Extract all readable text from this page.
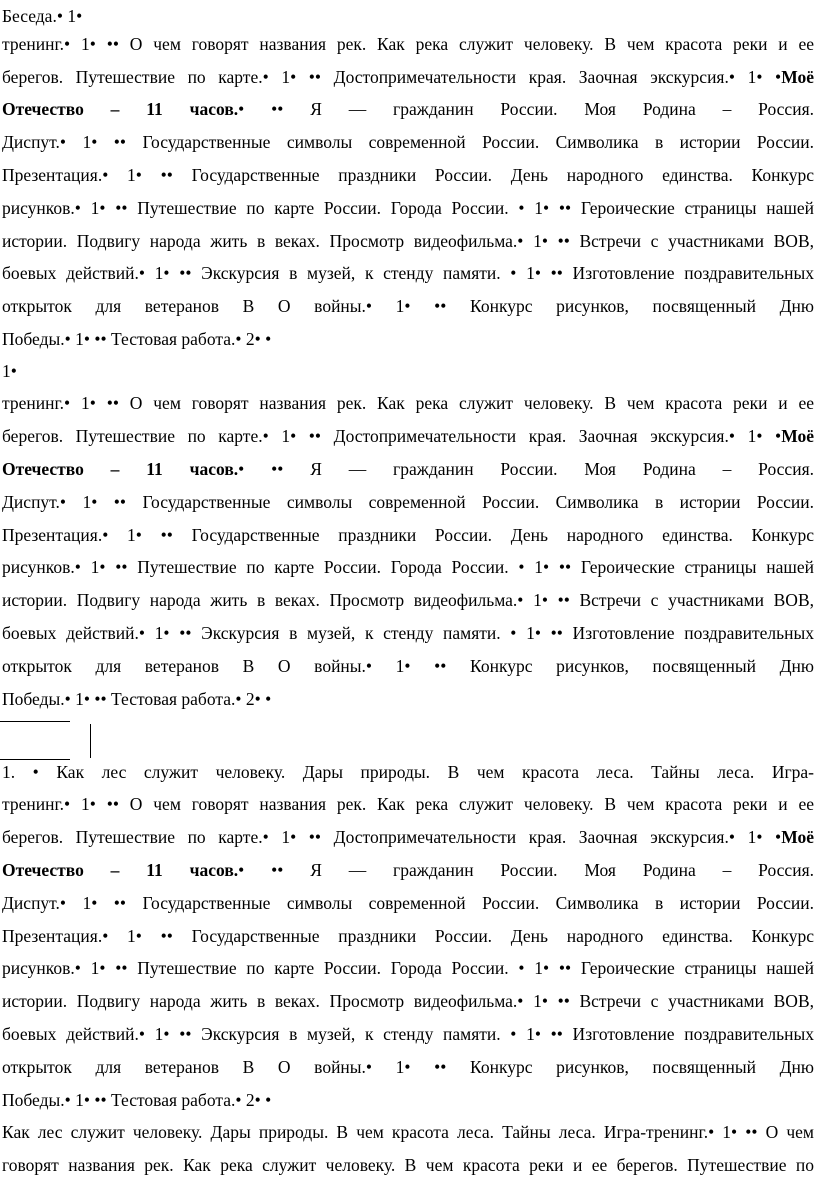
Беседа.• 1•
тренинг.• 1• •• О чем говорят названия рек. Как река служит человеку. В чем красота реки и ее
берегов. Путешествие по карте.• 1• •• Достопримечательности края. Заочная экскурсия.• 1• •Моё
Отечество – 11 часов.• •• Я — гражданин России. Моя Родина – Россия.
Диспут.• 1• •• Государственные символы современной России. Символика в истории России.
Презентация.• 1• •• Государственные праздники России. День народного единства. Конкурс
рисунков.• 1• •• Путешествие по карте России. Города России. • 1• •• Героические страницы нашей
истории. Подвигу народа жить в веках. Просмотр видеофильма.• 1• •• Встречи с участниками ВОВ,
боевых действий.• 1• •• Экскурсия в музей, к стенду памяти. • 1• •• Изготовление поздравительных
открыток для ветеранов В О войны.• 1• •• Конкурс рисунков, посвященный Дню
Победы.• 1• •• Тестовая работа.• 2• •
1•
тренинг.• 1• •• О чем говорят названия рек. Как река служит человеку. В чем красота реки и ее
берегов. Путешествие по карте.• 1• •• Достопримечательности края. Заочная экскурсия.• 1• •Моё
Отечество – 11 часов.• •• Я — гражданин России. Моя Родина – Россия.
Диспут.• 1• •• Государственные символы современной России. Символика в истории России.
Презентация.• 1• •• Государственные праздники России. День народного единства. Конкурс
рисунков.• 1• •• Путешествие по карте России. Города России. • 1• •• Героические страницы нашей
истории. Подвигу народа жить в веках. Просмотр видеофильма.• 1• •• Встречи с участниками ВОВ,
боевых действий.• 1• •• Экскурсия в музей, к стенду памяти. • 1• •• Изготовление поздравительных
открыток для ветеранов В О войны.• 1• •• Конкурс рисунков, посвященный Дню
Победы.• 1• •• Тестовая работа.• 2• •
1. • Как лес служит человеку. Дары природы. В чем красота леса. Тайны леса. Игра-
тренинг.• 1• •• О чем говорят названия рек. Как река служит человеку. В чем красота реки и ее
берегов. Путешествие по карте.• 1• •• Достопримечательности края. Заочная экскурсия.• 1• •Моё
Отечество – 11 часов.• •• Я — гражданин России. Моя Родина – Россия.
Диспут.• 1• •• Государственные символы современной России. Символика в истории России.
Презентация.• 1• •• Государственные праздники России. День народного единства. Конкурс
рисунков.• 1• •• Путешествие по карте России. Города России. • 1• •• Героические страницы нашей
истории. Подвигу народа жить в веках. Просмотр видеофильма.• 1• •• Встречи с участниками ВОВ,
боевых действий.• 1• •• Экскурсия в музей, к стенду памяти. • 1• •• Изготовление поздравительных
открыток для ветеранов В О войны.• 1• •• Конкурс рисунков, посвященный Дню
Победы.• 1• •• Тестовая работа.• 2• •
Как лес служит человеку. Дары природы. В чем красота леса. Тайны леса. Игра-тренинг.• 1• •• О чем
говорят названия рек. Как река служит человеку. В чем красота реки и ее берегов. Путешествие по
